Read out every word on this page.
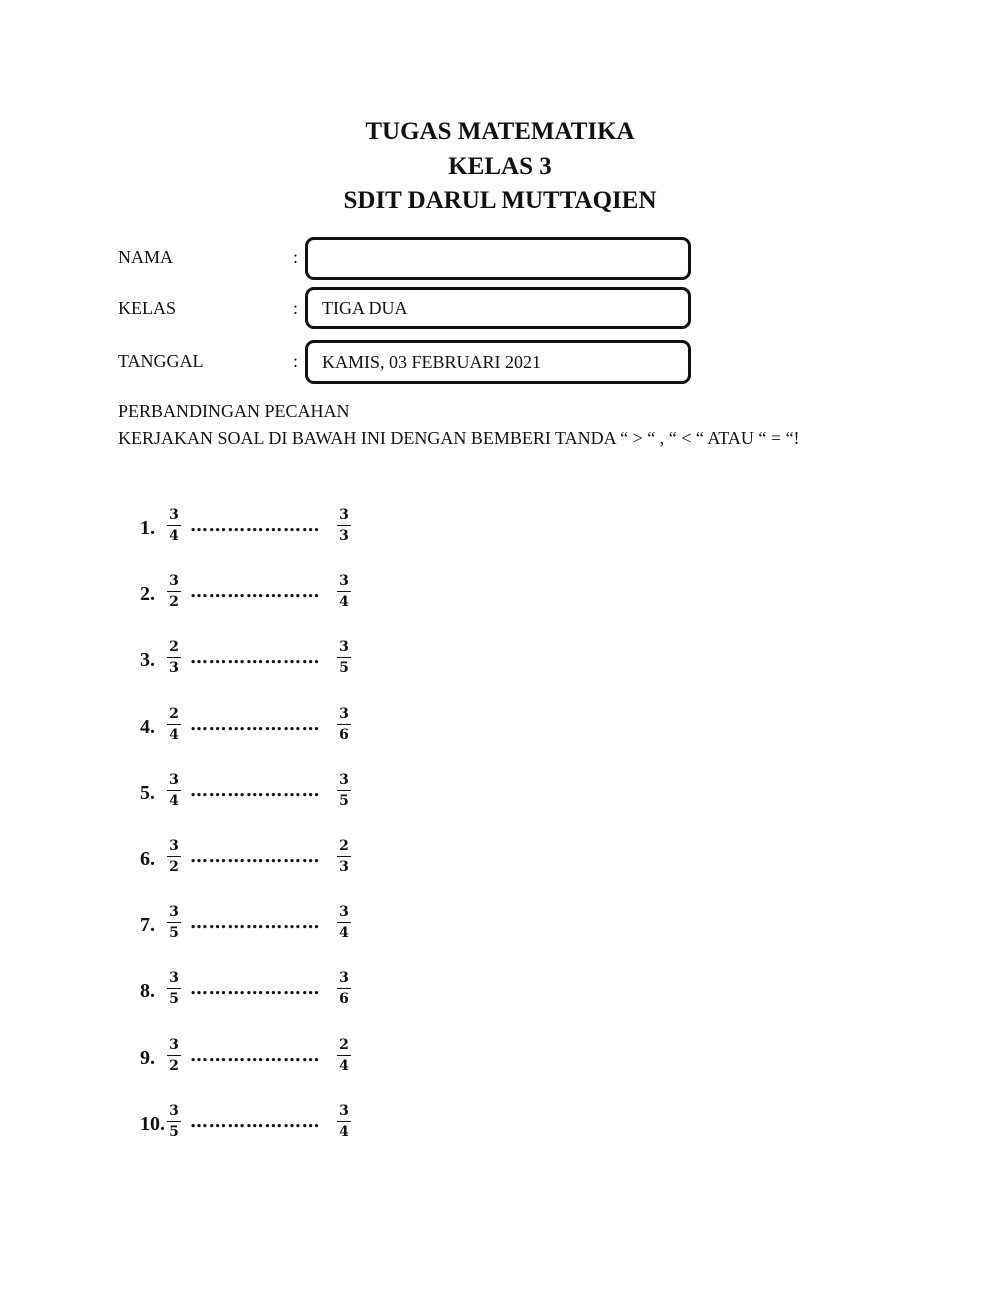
TUGAS MATEMATIKA
KELAS 3
SDIT DARUL MUTTAQIEN
NAMA	:
KELAS	:	TIGA DUA
TANGGAL	:	KAMIS, 03 FEBRUARI 2021
PERBANDINGAN PECAHAN
KERJAKAN SOAL DI BAWAH INI DENGAN BEMBERI TANDA “ > “ , “ < “ ATAU “ = “!
1. $\frac{3}{4}$ ………………… $\frac{3}{3}$
2. $\frac{3}{2}$ ………………… $\frac{3}{4}$
3. $\frac{2}{3}$ ………………… $\frac{3}{5}$
4. $\frac{2}{4}$ ………………… $\frac{3}{6}$
5. $\frac{3}{4}$ ………………… $\frac{3}{5}$
6. $\frac{3}{2}$ ………………… $\frac{2}{3}$
7. $\frac{3}{5}$ ………………… $\frac{3}{4}$
8. $\frac{3}{5}$ ………………… $\frac{3}{6}$
9. $\frac{3}{2}$ ………………… $\frac{2}{4}$
10. $\frac{3}{5}$ ………………… $\frac{3}{4}$
